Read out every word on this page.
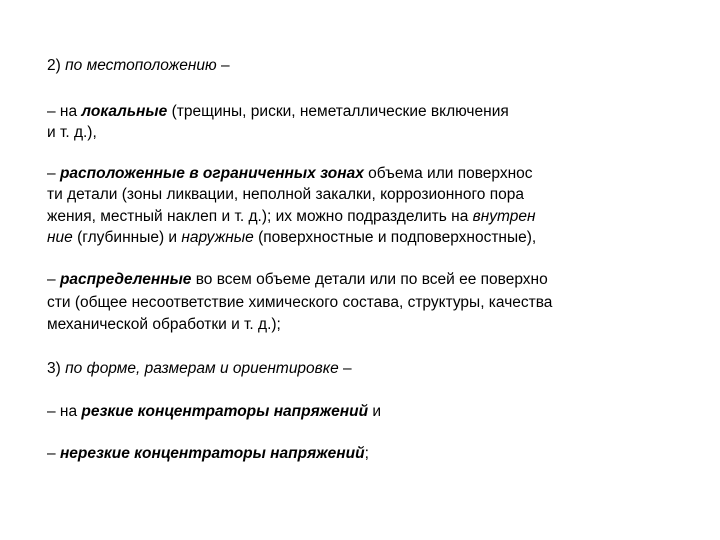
2) по местоположению –
– на локальные (трещины, риски, неметаллические включения
и т. д.),
– расположенные в ограниченных зонах объема или поверхнос
ти детали (зоны ликвации, неполной закалки, коррозионного пора
жения, местный наклеп и т. д.); их можно подразделить на внутрен
ние (глубинные) и наружные (поверхностные и подповерхностные),
– распределенные во всем объеме детали или по всей ее поверхно
сти (общее несоответствие химического состава, структуры, качества
механической обработки и т. д.);
3) по форме, размерам и ориентировке –
– на резкие концентраторы напряжений и
– нерезкие концентраторы напряжений;
